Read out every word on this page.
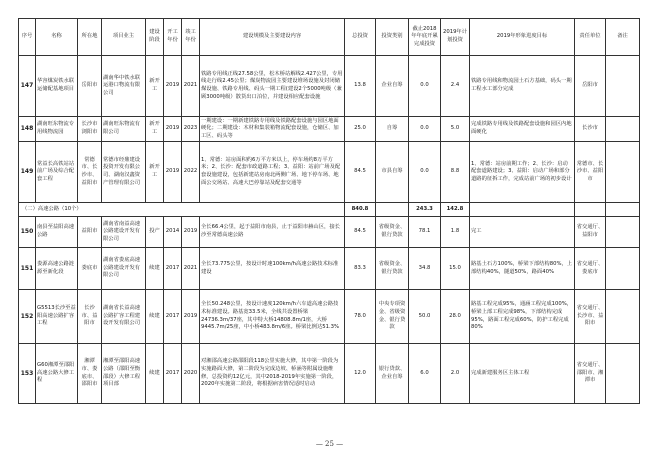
序号	名称	所在地	项目业主	建设阶段	开工年份	竣工年份	建设规模及主要建设内容	总投资	投资类别	截止2018年年底开累完成投资	2019年计划投资	2019年形象进度目标	责任单位	备注
147	华容煤炭铁水联运储配基地项目	岳阳市	湖南华中铁水联运港口物流有限公司	新开工	2019	2021	铁路专用线正线27.58公里，松木桥站解线2.427公里，专用线走行线2.45公里；煤炭物流园主要建设堆场设施及封闭储煤设施、铁路专用线、码头一期工程(建设2个5000吨级（兼顾3000吨级）散货出口泊位，并建设相应配套设施	13.8	企业自筹	0.0	2.4	铁路专用线和物流园土石方基础，码头一期工程水工部分完成	岳阳市	
148	湖南旺东物流专用线物流园	长沙市浏阳市	湖南旺东物流有限公司	新开工	2019	2023	一期建设：一期新建铁路专用线及铁路配套设施与园区地面硬化；二期建设：木材和集装箱物流配套设施，仓储区、加工区、码头等	25.0	自筹	0.0	5.0	完成铁路专用线及铁路配套设施和园区内地面硬化	长沙市	
149	常益长高铁站站前广场及综合配套工程	常德市、长沙市、益阳市	常德市经鼎建设投资开发有限公司、湖南汉鑫资产管理有限公司	新开工	2019	2022	1、常德：站房面积约6万平方米以上，停车场约8万平方米；2、长沙：配套市政道路工程；3、益阳：站前广场及配套设施建设，包括新建站房南北两侧广场、地下停车场、地面公交场站、高速大巴停靠站及配套交通等	84.5	市县自筹	0.0	8.8	1、常德：站房前期工作；2、长沙：启动配套道路建设；3、益阳：启动广场和部分道路的征拆工作，完成站前广场的初步设计	常德市、长沙市、益阳市	
（二）高速公路（10个）								840.8		243.3	142.8			
150	南县至益阳高速公路	益阳市	湖南省南益高速公路建设开发有限公司	投产	2014	2019	全长66.4公里，起于益阳市南县，止于益阳市赫山区，接长沙至常德高速公路	84.5	省级资金、银行贷款	78.1	1.8	完工	省交通厅、益阳市	
151	娄源高速公路涟源至新化段	娄底市	湖南省娄底高速公路建设开发有限公司	续建	2017	2021	全长73.775公里，按设计时速100km/h高速公路技术标准建设	83.3	省级资金、银行贷款	34.8	15.0	路基土石方100%，桥梁下部结构80%，上部结构40%，隧道50%，路面40%	省交通厅、娄底市	
152	G5513长沙至益阳高速公路扩容工程	长沙市、益阳市	湖南省长益高速公路扩容工程建设开发有限公司	续建	2017	2019	全长50.248公里，按设计速度120km/h六车道高速公路技术标准建设。路基宽33.5米，全线共设置桥梁24736.3m/37座，其中特大桥14808.8m/1座，大桥9445.7m/25座，中小桥483.8m/6座。桥梁比例达51.3%	78.0	中央专项资金、省级资金、银行贷款	50.0	28.0	路基工程完成95%，通涵工程完成100%，桥梁上部工程完成98%，下部结构完成95%，路面工程完成60%，防护工程完成80%	省交通厅、长沙市、益阳市	
153	G60湘潭至邵阳高速公路大修工程	湘潭市、娄底市、邵阳市	湘潭至邵阳高速公路（邵阳至衡邵段）大修工程项目部	续建	2017	2020	对湘邵高速公路邵阳段118公里实施大修，其中第一阶段为实施路面大修，第二阶段为完成边坡、桥涵等附属设施维修，总投资约12亿元，其中2018-2019年实施第一阶段，2020年实施第二阶段，将根据病害情况适时启动	12.0	银行贷款、企业自筹	6.0	2.0	完成新建服务区主体工程	省交通厅、邵阳市、湘潭市	
— 25 —
